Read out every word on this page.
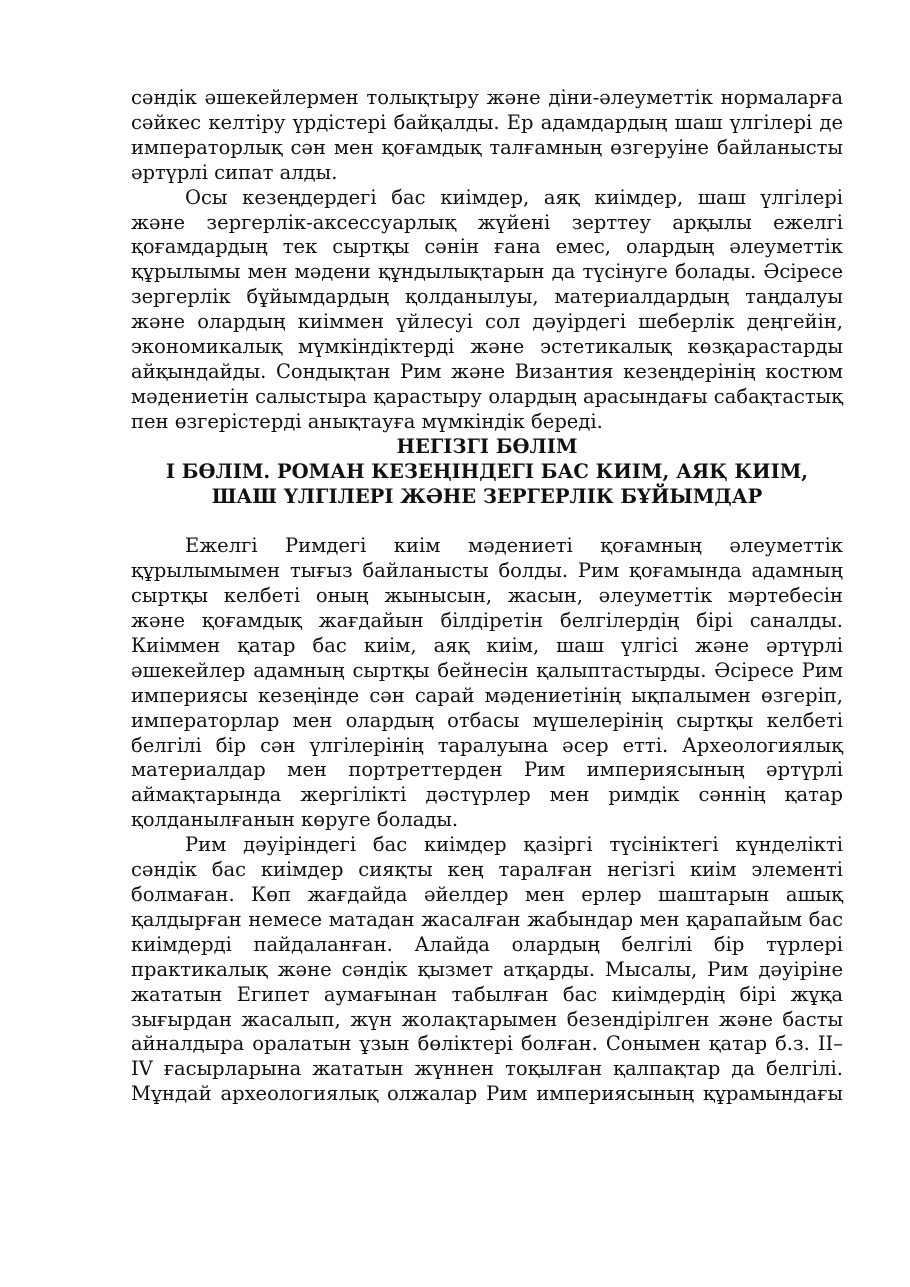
сәндік әшекейлермен толықтыру және діни-әлеуметтік нормаларға сәйкес келтіру үрдістері байқалды. Ер адамдардың шаш үлгілері де императорлық сән мен қоғамдық талғамның өзгеруіне байланысты әртүрлі сипат алды.

Осы кезеңдердегі бас киімдер, аяқ киімдер, шаш үлгілері және зергерлік-аксессуарлық жүйені зерттеу арқылы ежелгі қоғамдардың тек сыртқы сәнін ғана емес, олардың әлеуметтік құрылымы мен мәдени құндылықтарын да түсінуге болады. Әсіресе зергерлік бұйымдардың қолданылуы, материалдардың таңдалуы және олардың киіммен үйлесуі сол дәуірдегі шеберлік деңгейін, экономикалық мүмкіндіктерді және эстетикалық көзқарастарды айқындайды. Сондықтан Рим және Византия кезеңдерінің костюм мәдениетін салыстыра қарастыру олардың арасындағы сабақтастық пен өзгерістерді анықтауға мүмкіндік береді.

НЕГІЗГІ БӨЛІМ

І БӨЛІМ. РОМАН КЕЗЕҢІНДЕГІ БАС КИІМ, АЯҚ КИІМ,

ШАШ ҮЛГІЛЕРІ ЖӘНЕ ЗЕРГЕРЛІК БҰЙЫМДАР

Ежелгі Римдегі киім мәдениеті қоғамның әлеуметтік құрылымымен тығыз байланысты болды. Рим қоғамында адамның сыртқы келбеті оның жынысын, жасын, әлеуметтік мәртебесін және қоғамдық жағдайын білдіретін белгілердің бірі саналды. Киіммен қатар бас киім, аяқ киім, шаш үлгісі және әртүрлі әшекейлер адамның сыртқы бейнесін қалыптастырды. Әсіресе Рим империясы кезеңінде сән сарай мәдениетінің ықпалымен өзгеріп, императорлар мен олардың отбасы мүшелерінің сыртқы келбеті белгілі бір сән үлгілерінің таралуына әсер етті. Археологиялық материалдар мен портреттерден Рим империясының әртүрлі аймақтарында жергілікті дәстүрлер мен римдік сәннің қатар қолданылғанын көруге болады.

Рим дәуіріндегі бас киімдер қазіргі түсініктегі күнделікті сәндік бас киімдер сияқты кең таралған негізгі киім элементі болмаған. Көп жағдайда әйелдер мен ерлер шаштарын ашық қалдырған немесе матадан жасалған жабындар мен қарапайым бас киімдерді пайдаланған. Алайда олардың белгілі бір түрлері практикалық және сәндік қызмет атқарды. Мысалы, Рим дәуіріне жататын Египет аумағынан табылған бас киімдердің бірі жұқа зығырдан жасалып, жүн жолақтарымен безендірілген және басты айналдыра оралатын ұзын бөліктері болған. Сонымен қатар б.з. II–IV ғасырларына жататын жүннен тоқылған қалпақтар да белгілі. Мұндай археологиялық олжалар Рим империясының құрамындағы
